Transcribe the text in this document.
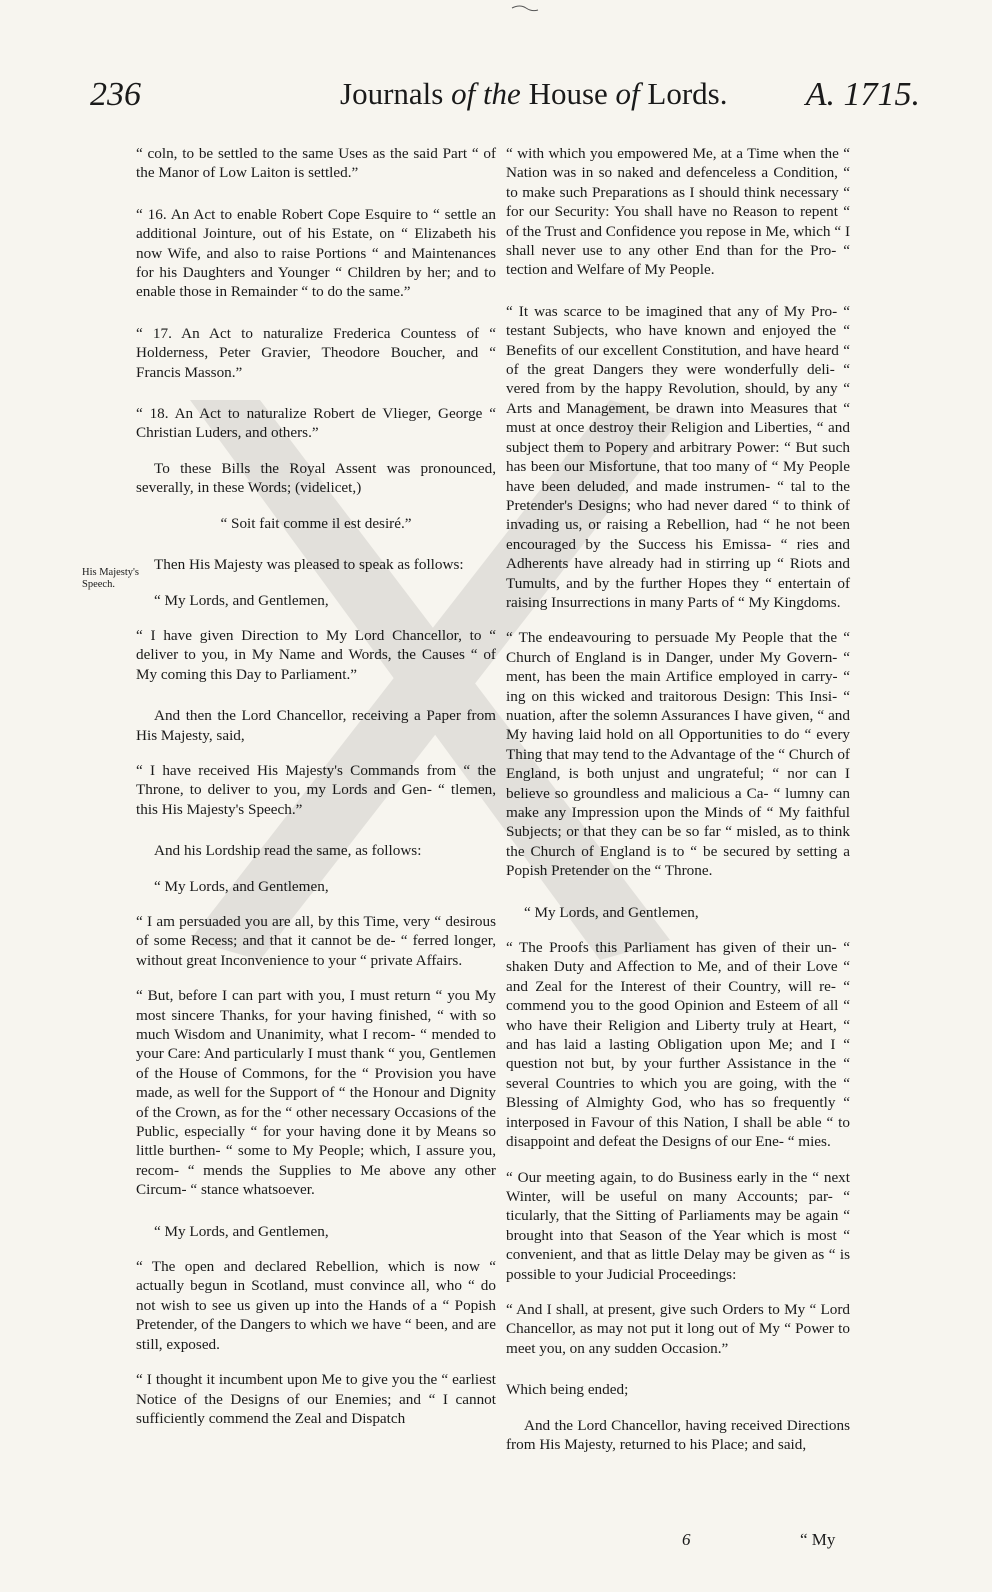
236	Journals of the House of Lords. A. 1715.
His Majesty's Speech.

“ coln, to be settled to the same Uses as the said Part “ of the Manor of Low Laiton is settled.”

“ 16. An Act to enable Robert Cope Esquire to “ settle an additional Jointure, out of his Estate, on “ Elizabeth his now Wife, and also to raise Portions “ and Maintenances for his Daughters and Younger “ Children by her; and to enable those in Remainder “ to do the same.”

“ 17. An Act to naturalize Frederica Countess of “ Holderness, Peter Gravier, Theodore Boucher, and “ Francis Masson.”

“ 18. An Act to naturalize Robert de Vlieger, George “ Christian Luders, and others.”

To these Bills the Royal Assent was pronounced, severally, in these Words; (videlicet,)

“ Soit fait comme il est desiré.”

Then His Majesty was pleased to speak as follows:

“ My Lords, and Gentlemen,

“ I have given Direction to My Lord Chancellor, to “ deliver to you, in My Name and Words, the Causes “ of My coming this Day to Parliament.”

And then the Lord Chancellor, receiving a Paper from His Majesty, said,

“ I have received His Majesty's Commands from “ the Throne, to deliver to you, my Lords and Gen- “ tlemen, this His Majesty's Speech.”

And his Lordship read the same, as follows:

“ My Lords, and Gentlemen,

“ I am persuaded you are all, by this Time, very “ desirous of some Recess; and that it cannot be de- “ ferred longer, without great Inconvenience to your “ private Affairs.

“ But, before I can part with you, I must return “ you My most sincere Thanks, for your having finished, “ with so much Wisdom and Unanimity, what I recom- “ mended to your Care: And particularly I must thank “ you, Gentlemen of the House of Commons, for the “ Provision you have made, as well for the Support of “ the Honour and Dignity of the Crown, as for the “ other necessary Occasions of the Public, especially “ for your having done it by Means so little burthen- “ some to My People; which, I assure you, recom- “ mends the Supplies to Me above any other Circum- “ stance whatsoever.

“ My Lords, and Gentlemen,

“ The open and declared Rebellion, which is now “ actually begun in Scotland, must convince all, who “ do not wish to see us given up into the Hands of a “ Popish Pretender, of the Dangers to which we have “ been, and are still, exposed.

“ I thought it incumbent upon Me to give you the “ earliest Notice of the Designs of our Enemies; and “ I cannot sufficiently commend the Zeal and Dispatch

“ with which you empowered Me, at a Time when the “ Nation was in so naked and defenceless a Condition, “ to make such Preparations as I should think necessary “ for our Security: You shall have no Reason to repent “ of the Trust and Confidence you repose in Me, which “ I shall never use to any other End than for the Pro- “ tection and Welfare of My People.

“ It was scarce to be imagined that any of My Pro- “ testant Subjects, who have known and enjoyed the “ Benefits of our excellent Constitution, and have heard “ of the great Dangers they were wonderfully deli- “ vered from by the happy Revolution, should, by any “ Arts and Management, be drawn into Measures that “ must at once destroy their Religion and Liberties, “ and subject them to Popery and arbitrary Power: “ But such has been our Misfortune, that too many of “ My People have been deluded, and made instrumen- “ tal to the Pretender's Designs; who had never dared “ to think of invading us, or raising a Rebellion, had “ he not been encouraged by the Success his Emissa- “ ries and Adherents have already had in stirring up “ Riots and Tumults, and by the further Hopes they “ entertain of raising Insurrections in many Parts of “ My Kingdoms.

“ The endeavouring to persuade My People that the “ Church of England is in Danger, under My Govern- “ ment, has been the main Artifice employed in carry- “ ing on this wicked and traitorous Design: This Insi- “ nuation, after the solemn Assurances I have given, “ and My having laid hold on all Opportunities to do “ every Thing that may tend to the Advantage of the “ Church of England, is both unjust and ungrateful; “ nor can I believe so groundless and malicious a Ca- “ lumny can make any Impression upon the Minds of “ My faithful Subjects; or that they can be so far “ misled, as to think the Church of England is to “ be secured by setting a Popish Pretender on the “ Throne.

“ My Lords, and Gentlemen,

“ The Proofs this Parliament has given of their un- “ shaken Duty and Affection to Me, and of their Love “ and Zeal for the Interest of their Country, will re- “ commend you to the good Opinion and Esteem of all “ who have their Religion and Liberty truly at Heart, “ and has laid a lasting Obligation upon Me; and I “ question not but, by your further Assistance in the “ several Countries to which you are going, with the “ Blessing of Almighty God, who has so frequently “ interposed in Favour of this Nation, I shall be able “ to disappoint and defeat the Designs of our Ene- “ mies.

“ Our meeting again, to do Business early in the “ next Winter, will be useful on many Accounts; par- “ ticularly, that the Sitting of Parliaments may be again “ brought into that Season of the Year which is most “ convenient, and that as little Delay may be given as “ is possible to your Judicial Proceedings:

“ And I shall, at present, give such Orders to My “ Lord Chancellor, as may not put it long out of My “ Power to meet you, on any sudden Occasion.”

Which being ended;

And the Lord Chancellor, having received Directions from His Majesty, returned to his Place; and said,

6	“ My
